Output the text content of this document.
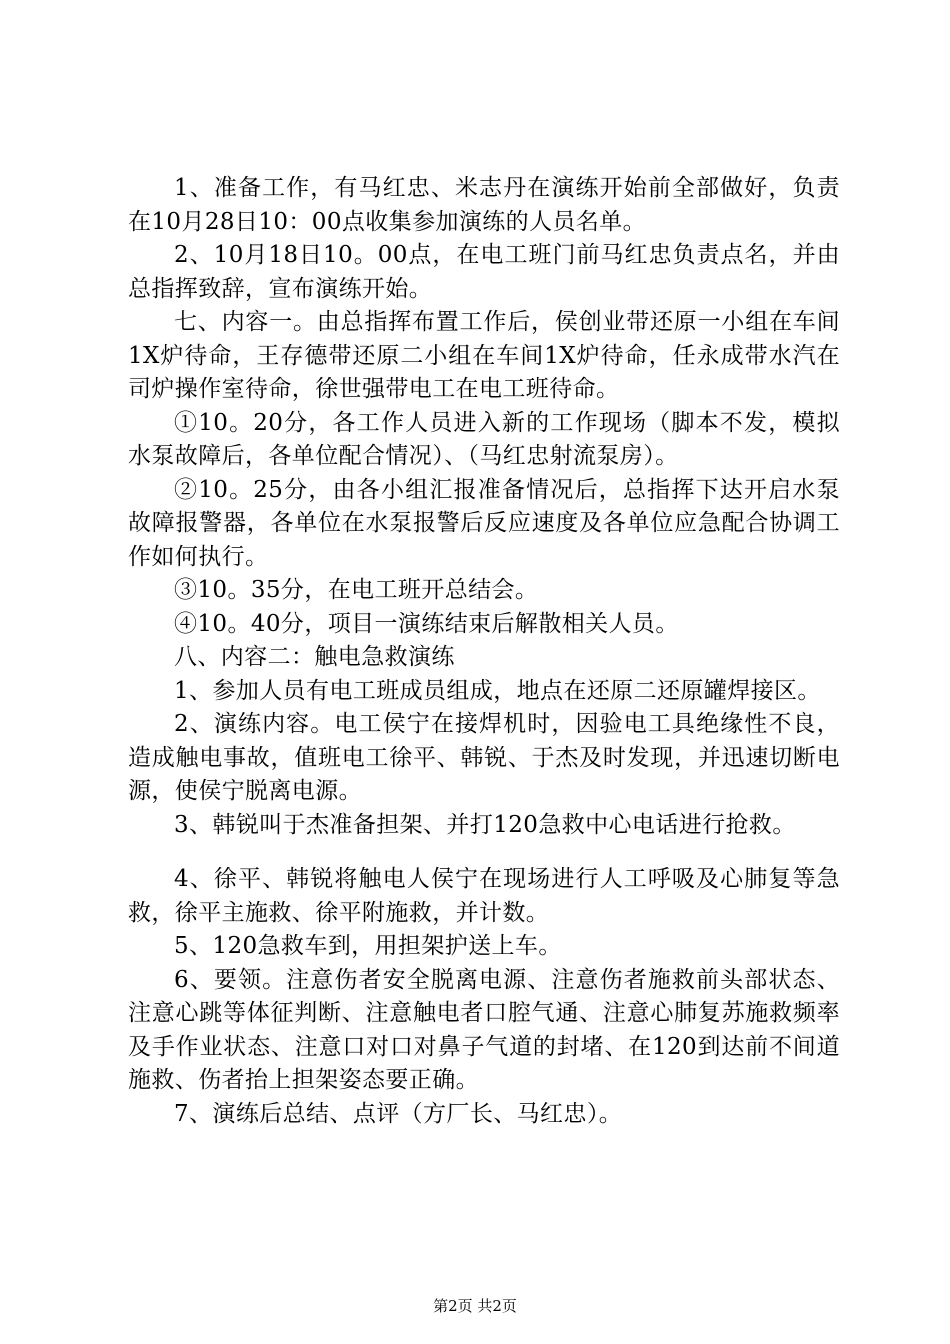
1、准备工作，有马红忠、米志丹在演练开始前全部做好，负责在10月28日10：00点收集参加演练的人员名单。

2、10月18日10。00点，在电工班门前马红忠负责点名，并由总指挥致辞，宣布演练开始。

七、内容一。由总指挥布置工作后，侯创业带还原一小组在车间1X炉待命，王存德带还原二小组在车间1X炉待命，任永成带水汽在司炉操作室待命，徐世强带电工在电工班待命。

①10。20分，各工作人员进入新的工作现场（脚本不发，模拟水泵故障后，各单位配合情况）、（马红忠射流泵房）。

②10。25分，由各小组汇报准备情况后，总指挥下达开启水泵故障报警器，各单位在水泵报警后反应速度及各单位应急配合协调工作如何执行。

③10。35分，在电工班开总结会。

④10。40分，项目一演练结束后解散相关人员。

八、内容二：触电急救演练

1、参加人员有电工班成员组成，地点在还原二还原罐焊接区。

2、演练内容。电工侯宁在接焊机时，因验电工具绝缘性不良，造成触电事故，值班电工徐平、韩锐、于杰及时发现，并迅速切断电源，使侯宁脱离电源。

3、韩锐叫于杰准备担架、并打120急救中心电话进行抢救。

4、徐平、韩锐将触电人侯宁在现场进行人工呼吸及心肺复等急救，徐平主施救、徐平附施救，并计数。

5、120急救车到，用担架护送上车。

6、要领。注意伤者安全脱离电源、注意伤者施救前头部状态、注意心跳等体征判断、注意触电者口腔气通、注意心肺复苏施救频率及手作业状态、注意口对口对鼻子气道的封堵、在120到达前不间道施救、伤者抬上担架姿态要正确。

7、演练后总结、点评（方厂长、马红忠）。

第2页 共2页
